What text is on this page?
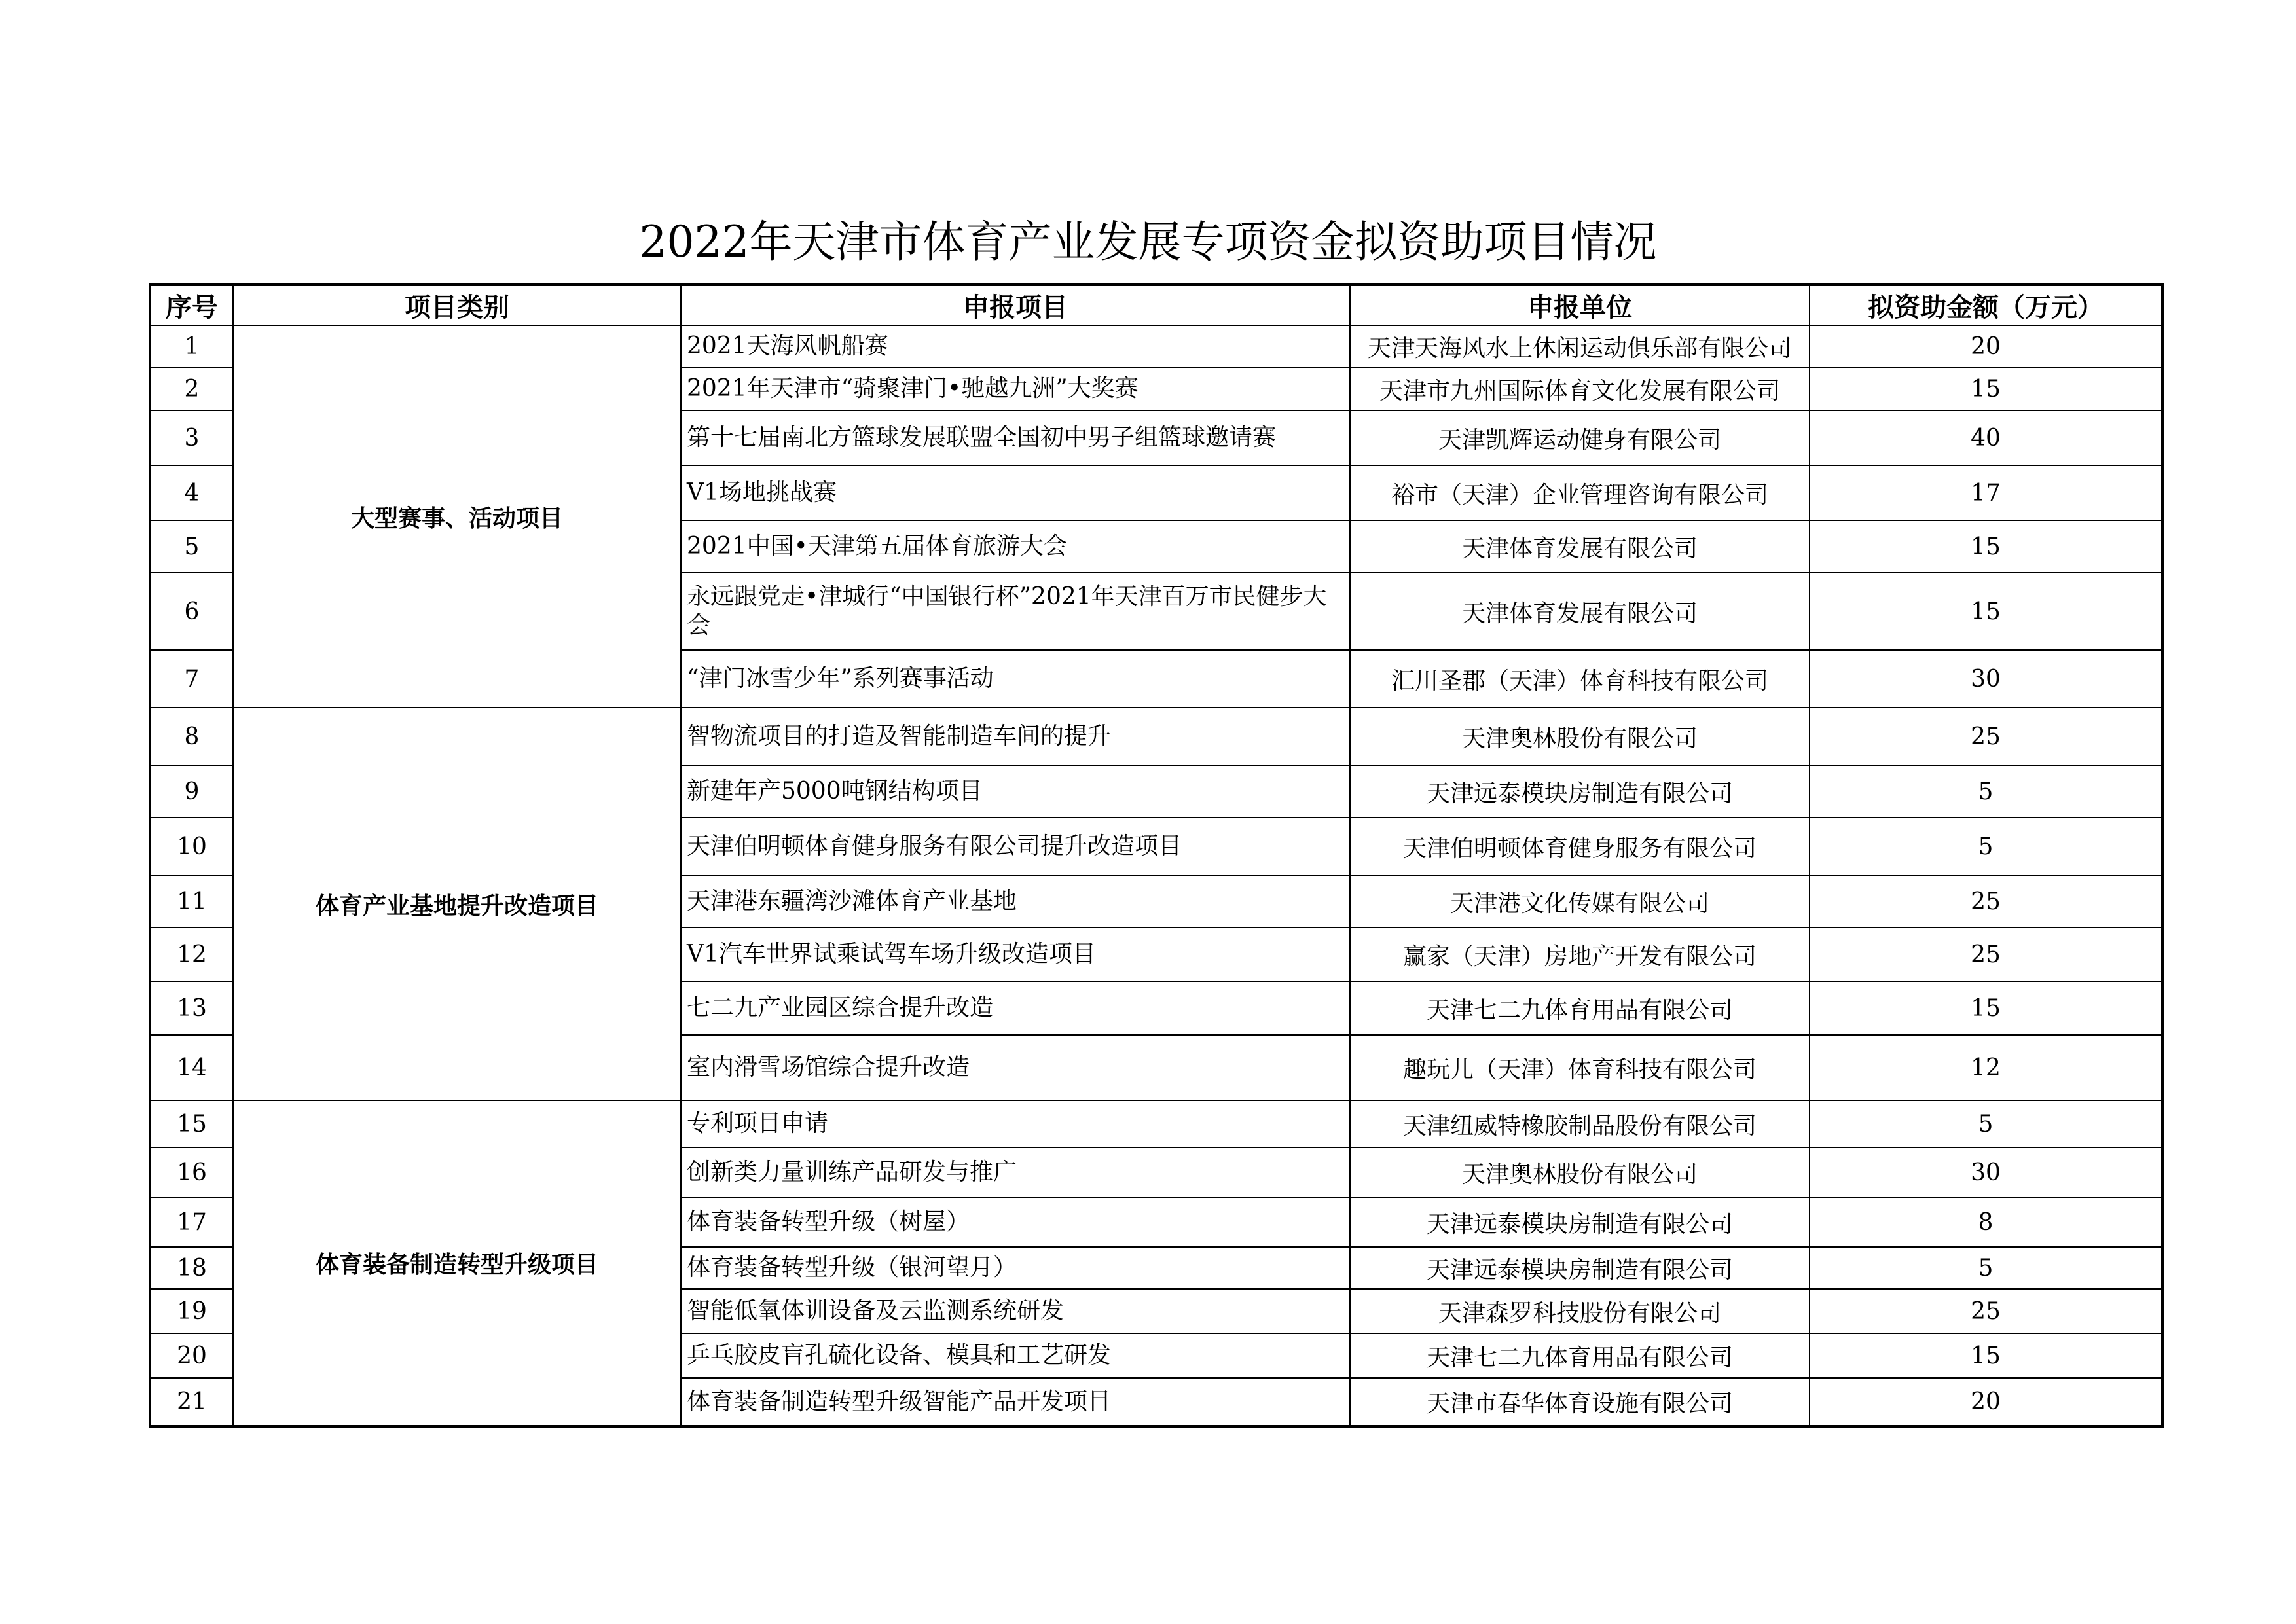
2022年天津市体育产业发展专项资金拟资助项目情况
序号	项目类别	申报项目	申报单位	拟资助金额（万元）
1	大型赛事、活动项目	2021天海风帆船赛	天津天海风水上休闲运动俱乐部有限公司	20
2		2021年天津市“骑聚津门•驰越九洲”大奖赛	天津市九州国际体育文化发展有限公司	15
3		第十七届南北方篮球发展联盟全国初中男子组篮球邀请赛	天津凯辉运动健身有限公司	40
4		V1场地挑战赛	裕市（天津）企业管理咨询有限公司	17
5		2021中国•天津第五届体育旅游大会	天津体育发展有限公司	15
6		永远跟党走•津城行“中国银行杯”2021年天津百万市民健步大会	天津体育发展有限公司	15
7		“津门冰雪少年”系列赛事活动	汇川圣郡（天津）体育科技有限公司	30
8	体育产业基地提升改造项目	智物流项目的打造及智能制造车间的提升	天津奥林股份有限公司	25
9		新建年产5000吨钢结构项目	天津远泰模块房制造有限公司	5
10		天津伯明顿体育健身服务有限公司提升改造项目	天津伯明顿体育健身服务有限公司	5
11		天津港东疆湾沙滩体育产业基地	天津港文化传媒有限公司	25
12		V1汽车世界试乘试驾车场升级改造项目	赢家（天津）房地产开发有限公司	25
13		七二九产业园区综合提升改造	天津七二九体育用品有限公司	15
14		室内滑雪场馆综合提升改造	趣玩儿（天津）体育科技有限公司	12
15	体育装备制造转型升级项目	专利项目申请	天津纽威特橡胶制品股份有限公司	5
16		创新类力量训练产品研发与推广	天津奥林股份有限公司	30
17		体育装备转型升级（树屋）	天津远泰模块房制造有限公司	8
18		体育装备转型升级（银河望月）	天津远泰模块房制造有限公司	5
19		智能低氧体训设备及云监测系统研发	天津森罗科技股份有限公司	25
20		乒乓胶皮盲孔硫化设备、模具和工艺研发	天津七二九体育用品有限公司	15
21		体育装备制造转型升级智能产品开发项目	天津市春华体育设施有限公司	20
